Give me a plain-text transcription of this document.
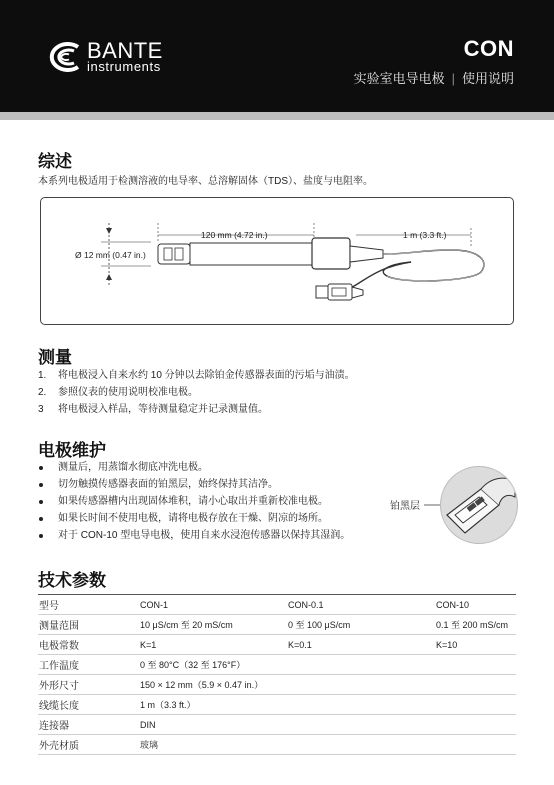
BANTE
instruments
CON
实验室电导电极 | 使用说明
综述
本系列电极适用于检测溶液的电导率、总溶解固体（TDS）、盐度与电阻率。
Ø 12 mm (0.47 in.)
120 mm (4.72 in.)	1 m (3.3 ft.)
测量
1. 将电极浸入自来水约 10 分钟以去除铂金传感器表面的污垢与油渍。
2. 参照仪表的使用说明校准电极。
3 将电极浸入样品，等待测量稳定并记录测量值。
电极维护
测量后，用蒸馏水彻底冲洗电极。
切勿触摸传感器表面的铂黑层，始终保持其洁净。
如果传感器槽内出现固体堆积，请小心取出并重新校准电极。
如果长时间不使用电极，请将电极存放在干燥、阴凉的场所。
对于 CON-10 型电导电极，使用自来水浸泡传感器以保持其湿润。
铂黑层
技术参数
型号	CON-1	CON-0.1	CON-10
测量范围	10 μS/cm 至 20 mS/cm	0 至 100 μS/cm	0.1 至 200 mS/cm
电极常数	K=1	K=0.1	K=10
工作温度	0 至 80°C（32 至 176°F）		
外形尺寸	150 × 12 mm（5.9 × 0.47 in.）		
线缆长度	1 m（3.3 ft.）		
连接器	DIN		
外壳材质	玻璃		
